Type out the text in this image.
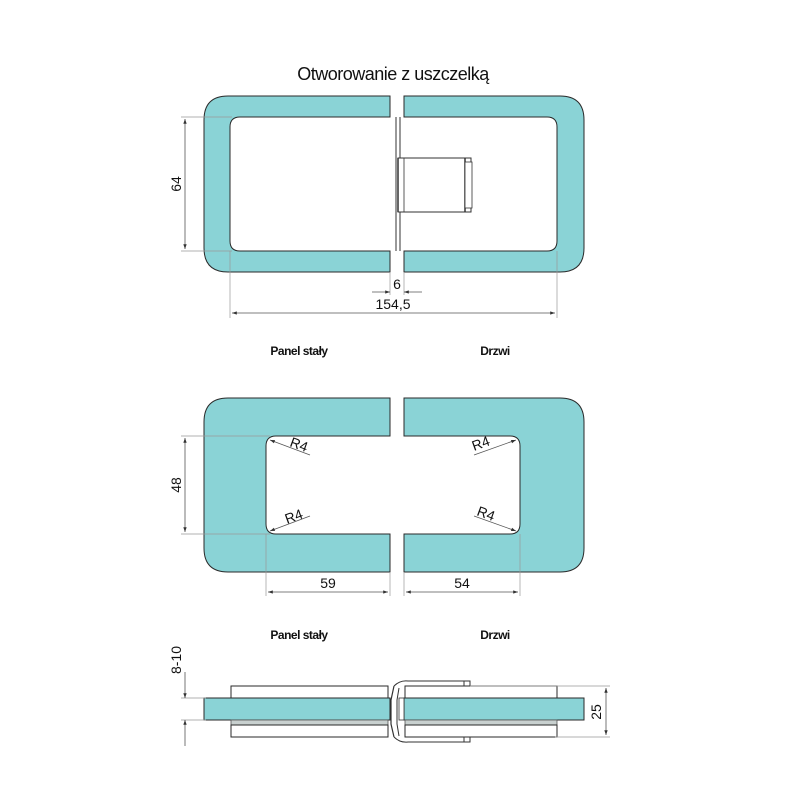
Otworowanie z uszczelką
64
6
154,5
Panel stały	Drzwi
48
R4	R4
R4	R4
59	54
Panel stały	Drzwi
8-10
25
